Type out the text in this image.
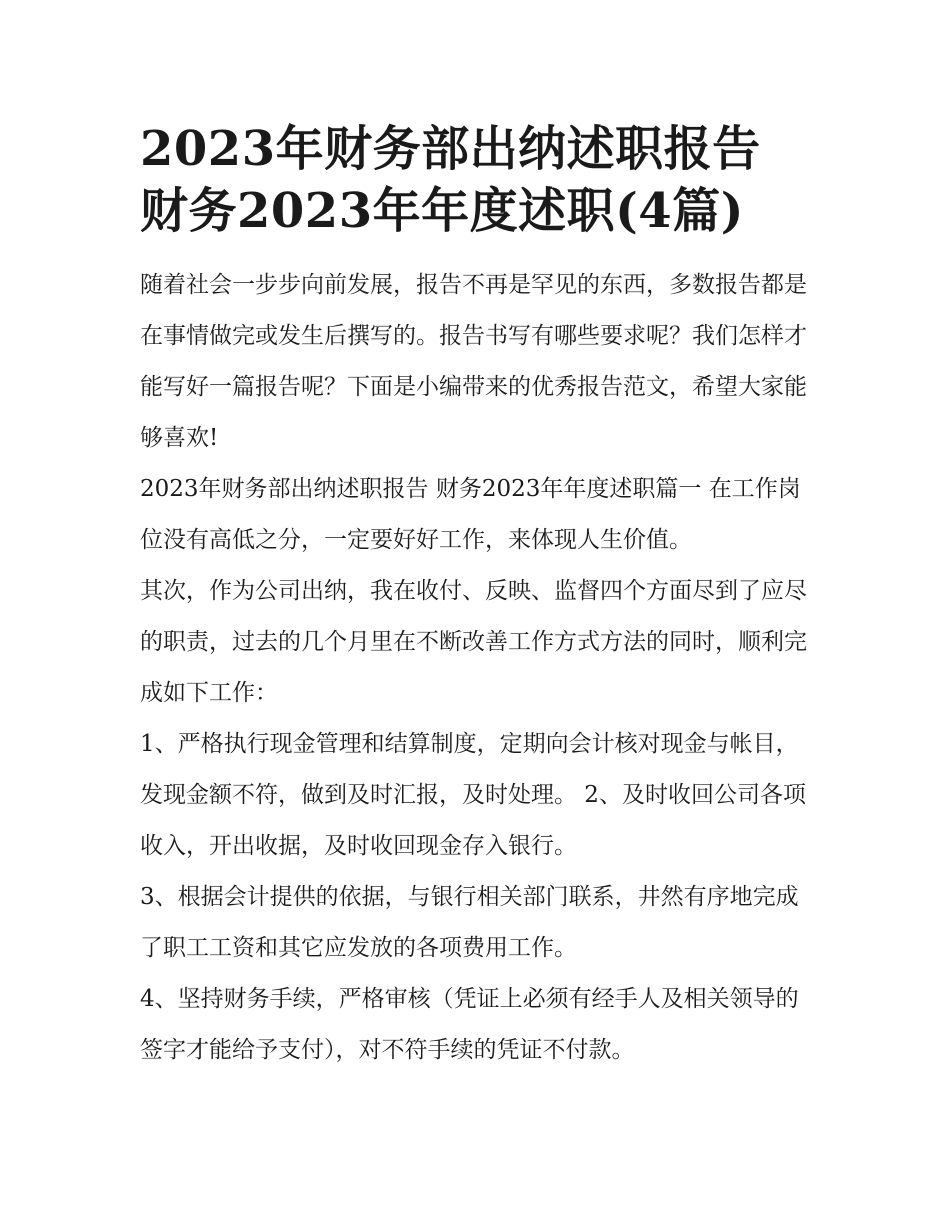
2023年财务部出纳述职报告
财务2023年年度述职(4篇)

随着社会一步步向前发展，报告不再是罕见的东西，多数报告都是在事情做完或发生后撰写的。报告书写有哪些要求呢？我们怎样才能写好一篇报告呢？下面是小编带来的优秀报告范文，希望大家能够喜欢!

2023年财务部出纳述职报告 财务2023年年度述职篇一 在工作岗位没有高低之分，一定要好好工作，来体现人生价值。

其次，作为公司出纳，我在收付、反映、监督四个方面尽到了应尽的职责，过去的几个月里在不断改善工作方式方法的同时，顺利完成如下工作：

1、严格执行现金管理和结算制度，定期向会计核对现金与帐目，发现金额不符，做到及时汇报，及时处理。 2、及时收回公司各项收入，开出收据，及时收回现金存入银行。

3、根据会计提供的依据，与银行相关部门联系，井然有序地完成了职工工资和其它应发放的各项费用工作。

4、坚持财务手续，严格审核（凭证上必须有经手人及相关领导的签字才能给予支付），对不符手续的凭证不付款。
